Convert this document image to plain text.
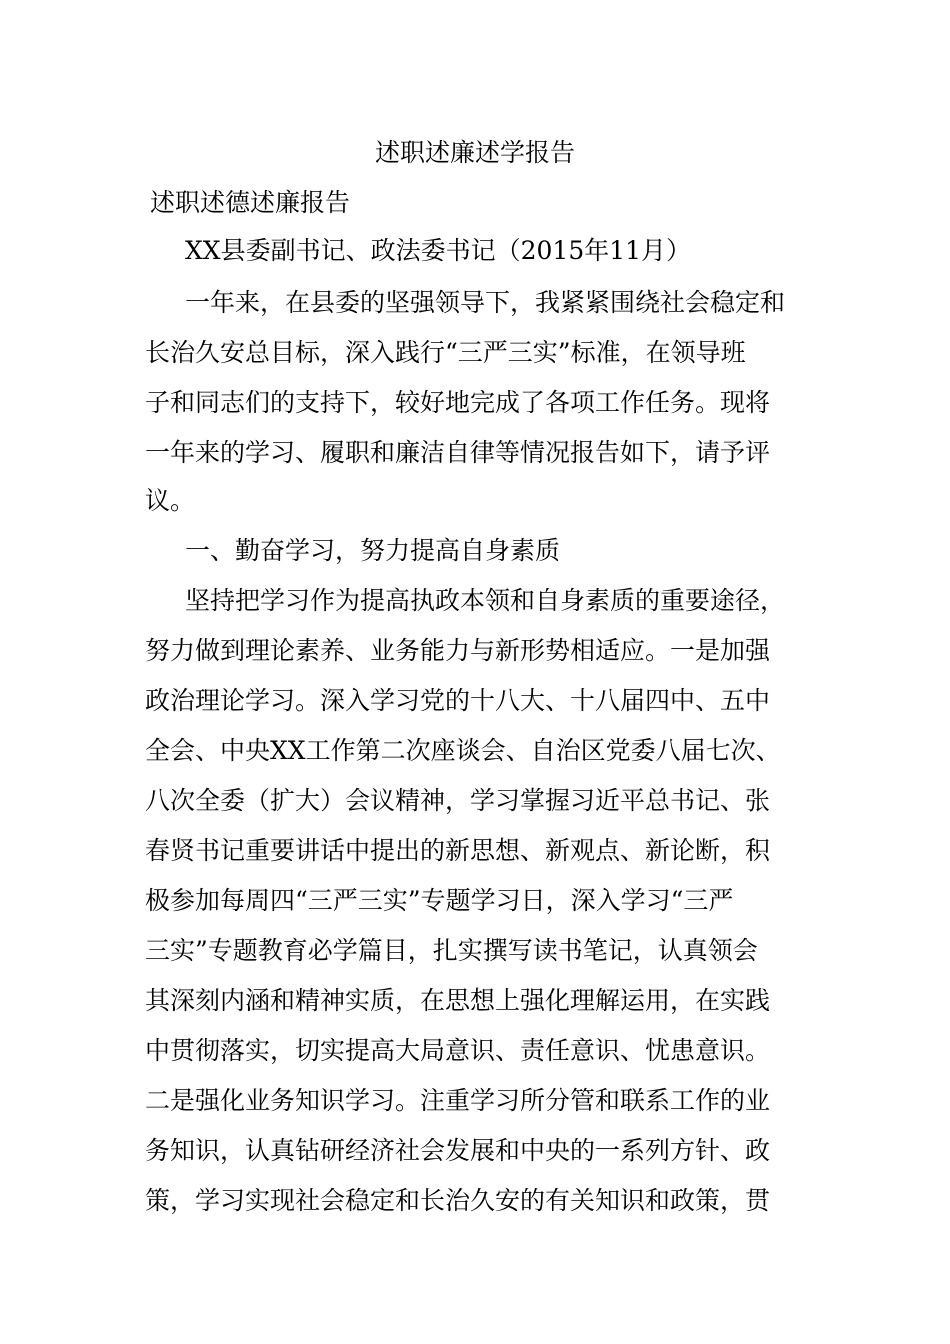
述职述廉述学报告
述职述德述廉报告
XX县委副书记、政法委书记（2015年11月）
一年来，在县委的坚强领导下，我紧紧围绕社会稳定和
长治久安总目标，深入践行“三严三实”标准，在领导班
子和同志们的支持下，较好地完成了各项工作任务。现将
一年来的学习、履职和廉洁自律等情况报告如下，请予评
议。
一、勤奋学习，努力提高自身素质
坚持把学习作为提高执政本领和自身素质的重要途径，
努力做到理论素养、业务能力与新形势相适应。一是加强
政治理论学习。深入学习党的十八大、十八届四中、五中
全会、中央XX工作第二次座谈会、自治区党委八届七次、
八次全委（扩大）会议精神，学习掌握习近平总书记、张
春贤书记重要讲话中提出的新思想、新观点、新论断，积
极参加每周四“三严三实”专题学习日，深入学习“三严
三实”专题教育必学篇目，扎实撰写读书笔记，认真领会
其深刻内涵和精神实质，在思想上强化理解运用，在实践
中贯彻落实，切实提高大局意识、责任意识、忧患意识。
二是强化业务知识学习。注重学习所分管和联系工作的业
务知识，认真钻研经济社会发展和中央的一系列方针、政
策，学习实现社会稳定和长治久安的有关知识和政策，贯
